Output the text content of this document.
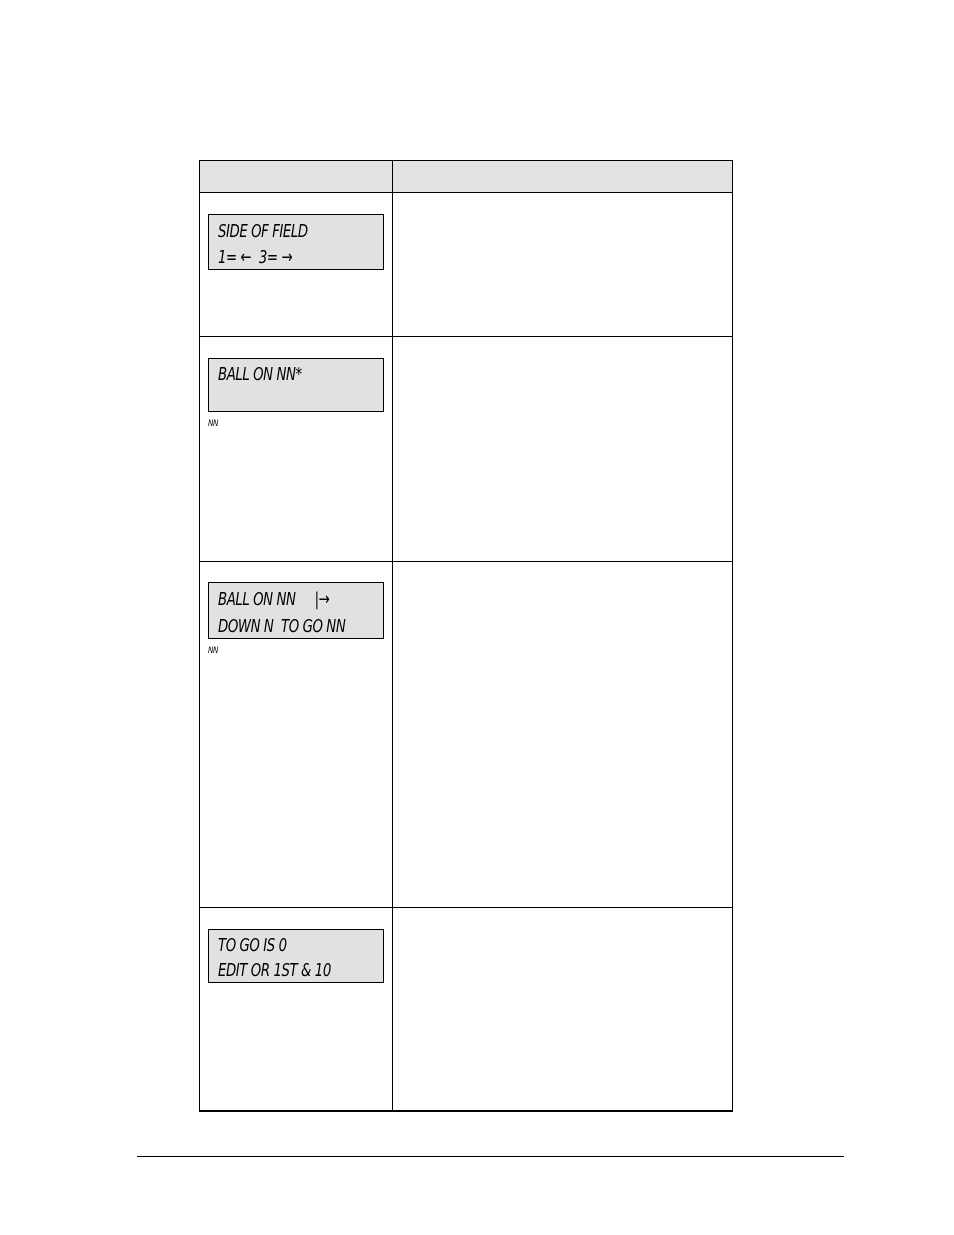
SIDE OF FIELD
1= ←  3= →
BALL ON NN*
NN
BALL ON NN     |→
DOWN N  TO GO NN
NN
TO GO IS 0
EDIT OR 1ST & 10
